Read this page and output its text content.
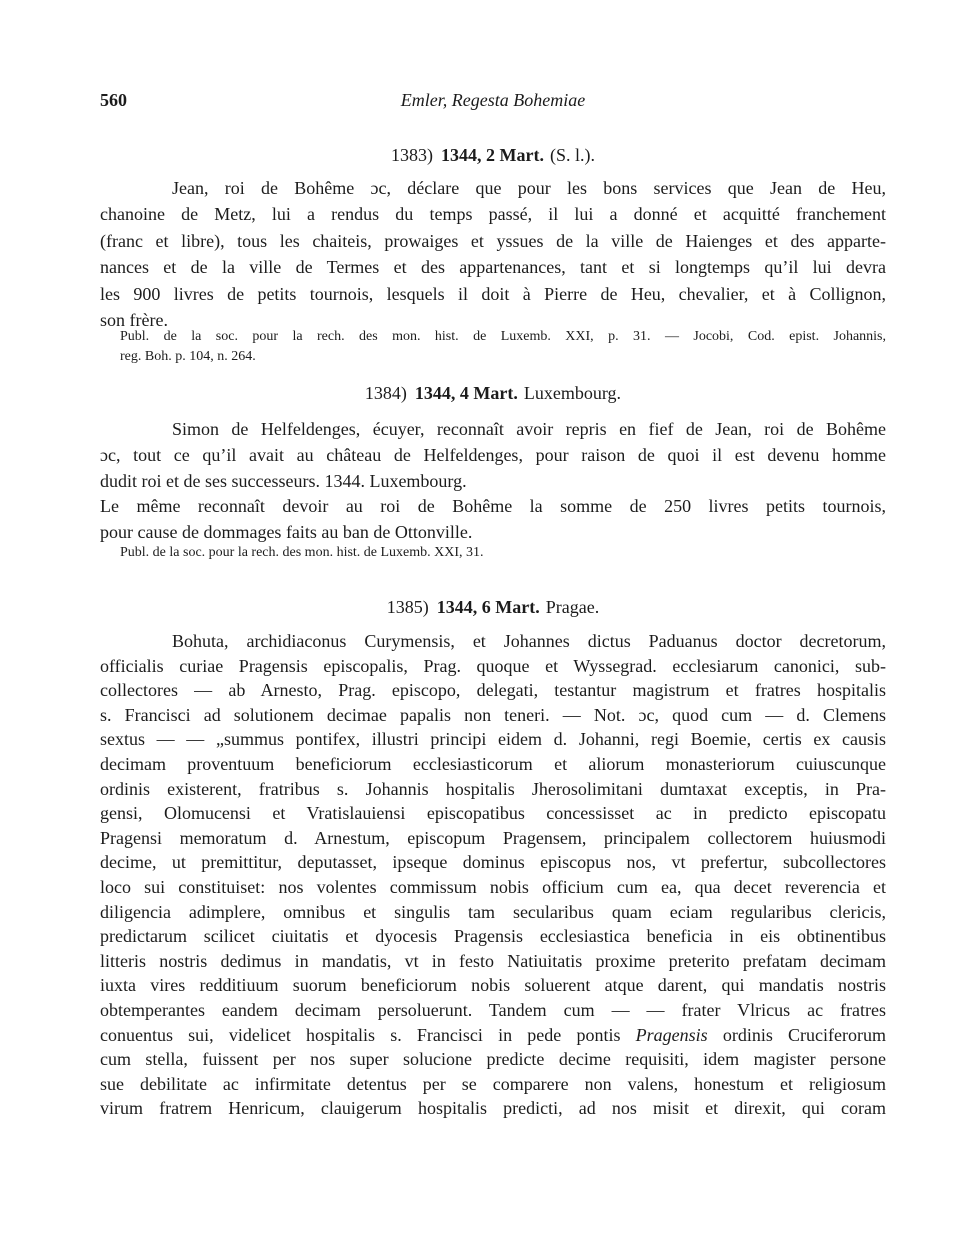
560	Emler, Regesta Bohemiae
1383) 1344, 2 Mart. (S. l.).
Jean, roi de Bohême ɔc, déclare que pour les bons services que Jean de Heu,
chanoine de Metz, lui a rendus du temps passé, il lui a donné et acquitté franchement
(franc et libre), tous les chaiteis, prowaiges et yssues de la ville de Haienges et des apparte-
nances et de la ville de Termes et des appartenances, tant et si longtemps qu’il lui devra
les 900 livres de petits tournois, lesquels il doit à Pierre de Heu, chevalier, et à Collignon,
son frère.
Publ. de la soc. pour la rech. des mon. hist. de Luxemb. XXI, p. 31. — Jocobi, Cod. epist. Johannis,
reg. Boh. p. 104, n. 264.
1384) 1344, 4 Mart. Luxembourg.
Simon de Helfeldenges, écuyer, reconnaît avoir repris en fief de Jean, roi de Bohême
ɔc, tout ce qu’il avait au château de Helfeldenges, pour raison de quoi il est devenu homme
dudit roi et de ses successeurs. 1344. Luxembourg.
Le même reconnaît devoir au roi de Bohême la somme de 250 livres petits tournois,
pour cause de dommages faits au ban de Ottonville.
Publ. de la soc. pour la rech. des mon. hist. de Luxemb. XXI, 31.
1385) 1344, 6 Mart. Pragae.
Bohuta, archidiaconus Curymensis, et Johannes dictus Paduanus doctor decretorum,
officialis curiae Pragensis episcopalis, Prag. quoque et Wyssegrad. ecclesiarum canonici, sub-
collectores — ab Arnesto, Prag. episcopo, delegati, testantur magistrum et fratres hospitalis
s. Francisci ad solutionem decimae papalis non teneri. — Not. ɔc, quod cum — d. Clemens
sextus — — „summus pontifex, illustri principi eidem d. Johanni, regi Boemie, certis ex causis
decimam proventuum beneficiorum ecclesiasticorum et aliorum monasteriorum cuiuscunque
ordinis existerent, fratribus s. Johannis hospitalis Jherosolimitani dumtaxat exceptis, in Pra-
gensi, Olomucensi et Vratislauiensi episcopatibus concessisset ac in predicto episcopatu
Pragensi memoratum d. Arnestum, episcopum Pragensem, principalem collectorem huiusmodi
decime, ut premittitur, deputasset, ipseque dominus episcopus nos, vt prefertur, subcollectores
loco sui constituiset: nos volentes commissum nobis officium cum ea, qua decet reverencia et
diligencia adimplere, omnibus et singulis tam secularibus quam eciam regularibus clericis,
predictarum scilicet ciuitatis et dyocesis Pragensis ecclesiastica beneficia in eis obtinentibus
litteris nostris dedimus in mandatis, vt in festo Natiuitatis proxime preterito prefatam decimam
iuxta vires redditiuum suorum beneficiorum nobis soluerent atque darent, qui mandatis nostris
obtemperantes eandem decimam persoluerunt. Tandem cum — — frater Vlricus ac fratres
conuentus sui, videlicet hospitalis s. Francisci in pede pontis Pragensis ordinis Cruciferorum
cum stella, fuissent per nos super solucione predicte decime requisiti, idem magister persone
sue debilitate ac infirmitate detentus per se comparere non valens, honestum et religiosum
virum fratrem Henricum, clauigerum hospitalis predicti, ad nos misit et direxit, qui coram
